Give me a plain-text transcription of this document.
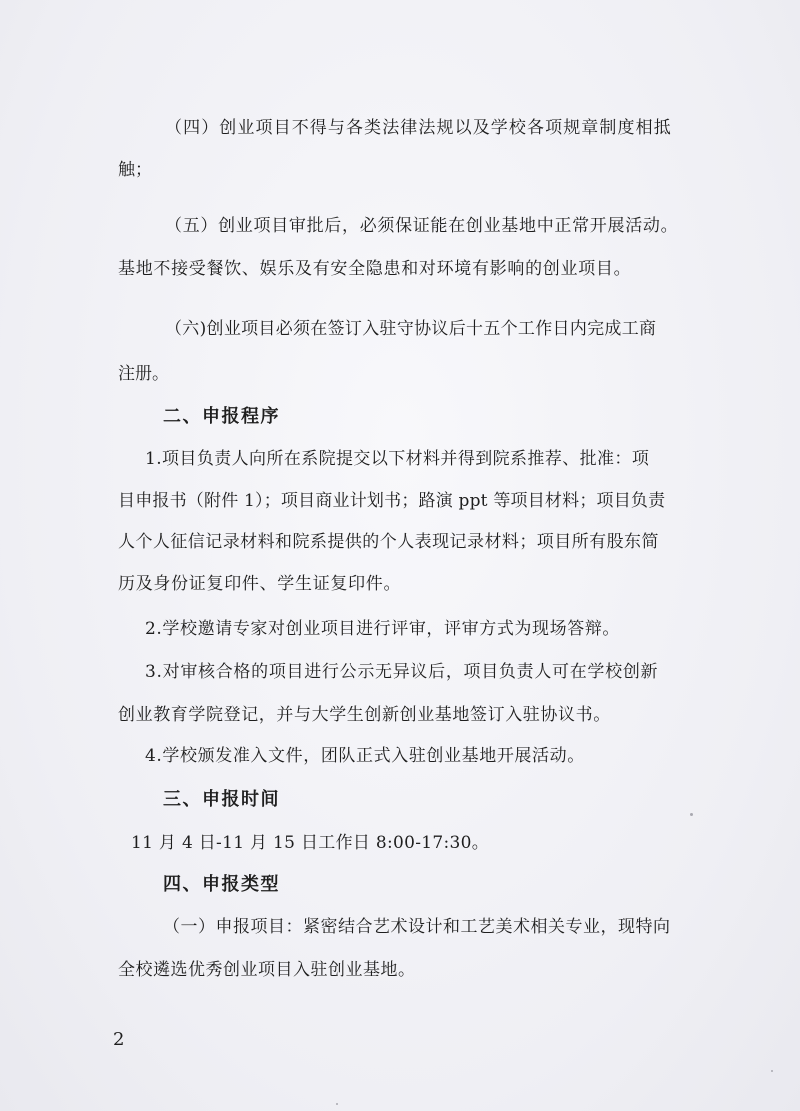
（四）创业项目不得与各类法律法规以及学校各项规章制度相抵
触；
（五）创业项目审批后，必须保证能在创业基地中正常开展活动。
基地不接受餐饮、娱乐及有安全隐患和对环境有影响的创业项目。
（六)创业项目必须在签订入驻守协议后十五个工作日内完成工商
注册。
二、申报程序
1.项目负责人向所在系院提交以下材料并得到院系推荐、批准：项
目申报书（附件 1）；项目商业计划书；路演 ppt 等项目材料；项目负责
人个人征信记录材料和院系提供的个人表现记录材料；项目所有股东简
历及身份证复印件、学生证复印件。
2.学校邀请专家对创业项目进行评审，评审方式为现场答辩。
3.对审核合格的项目进行公示无异议后，项目负责人可在学校创新
创业教育学院登记，并与大学生创新创业基地签订入驻协议书。
4.学校颁发准入文件，团队正式入驻创业基地开展活动。
三、申报时间
11 月 4 日-11 月 15 日工作日 8:00-17:30。
四、申报类型
（一）申报项目：紧密结合艺术设计和工艺美术相关专业，现特向
全校遴选优秀创业项目入驻创业基地。
2
